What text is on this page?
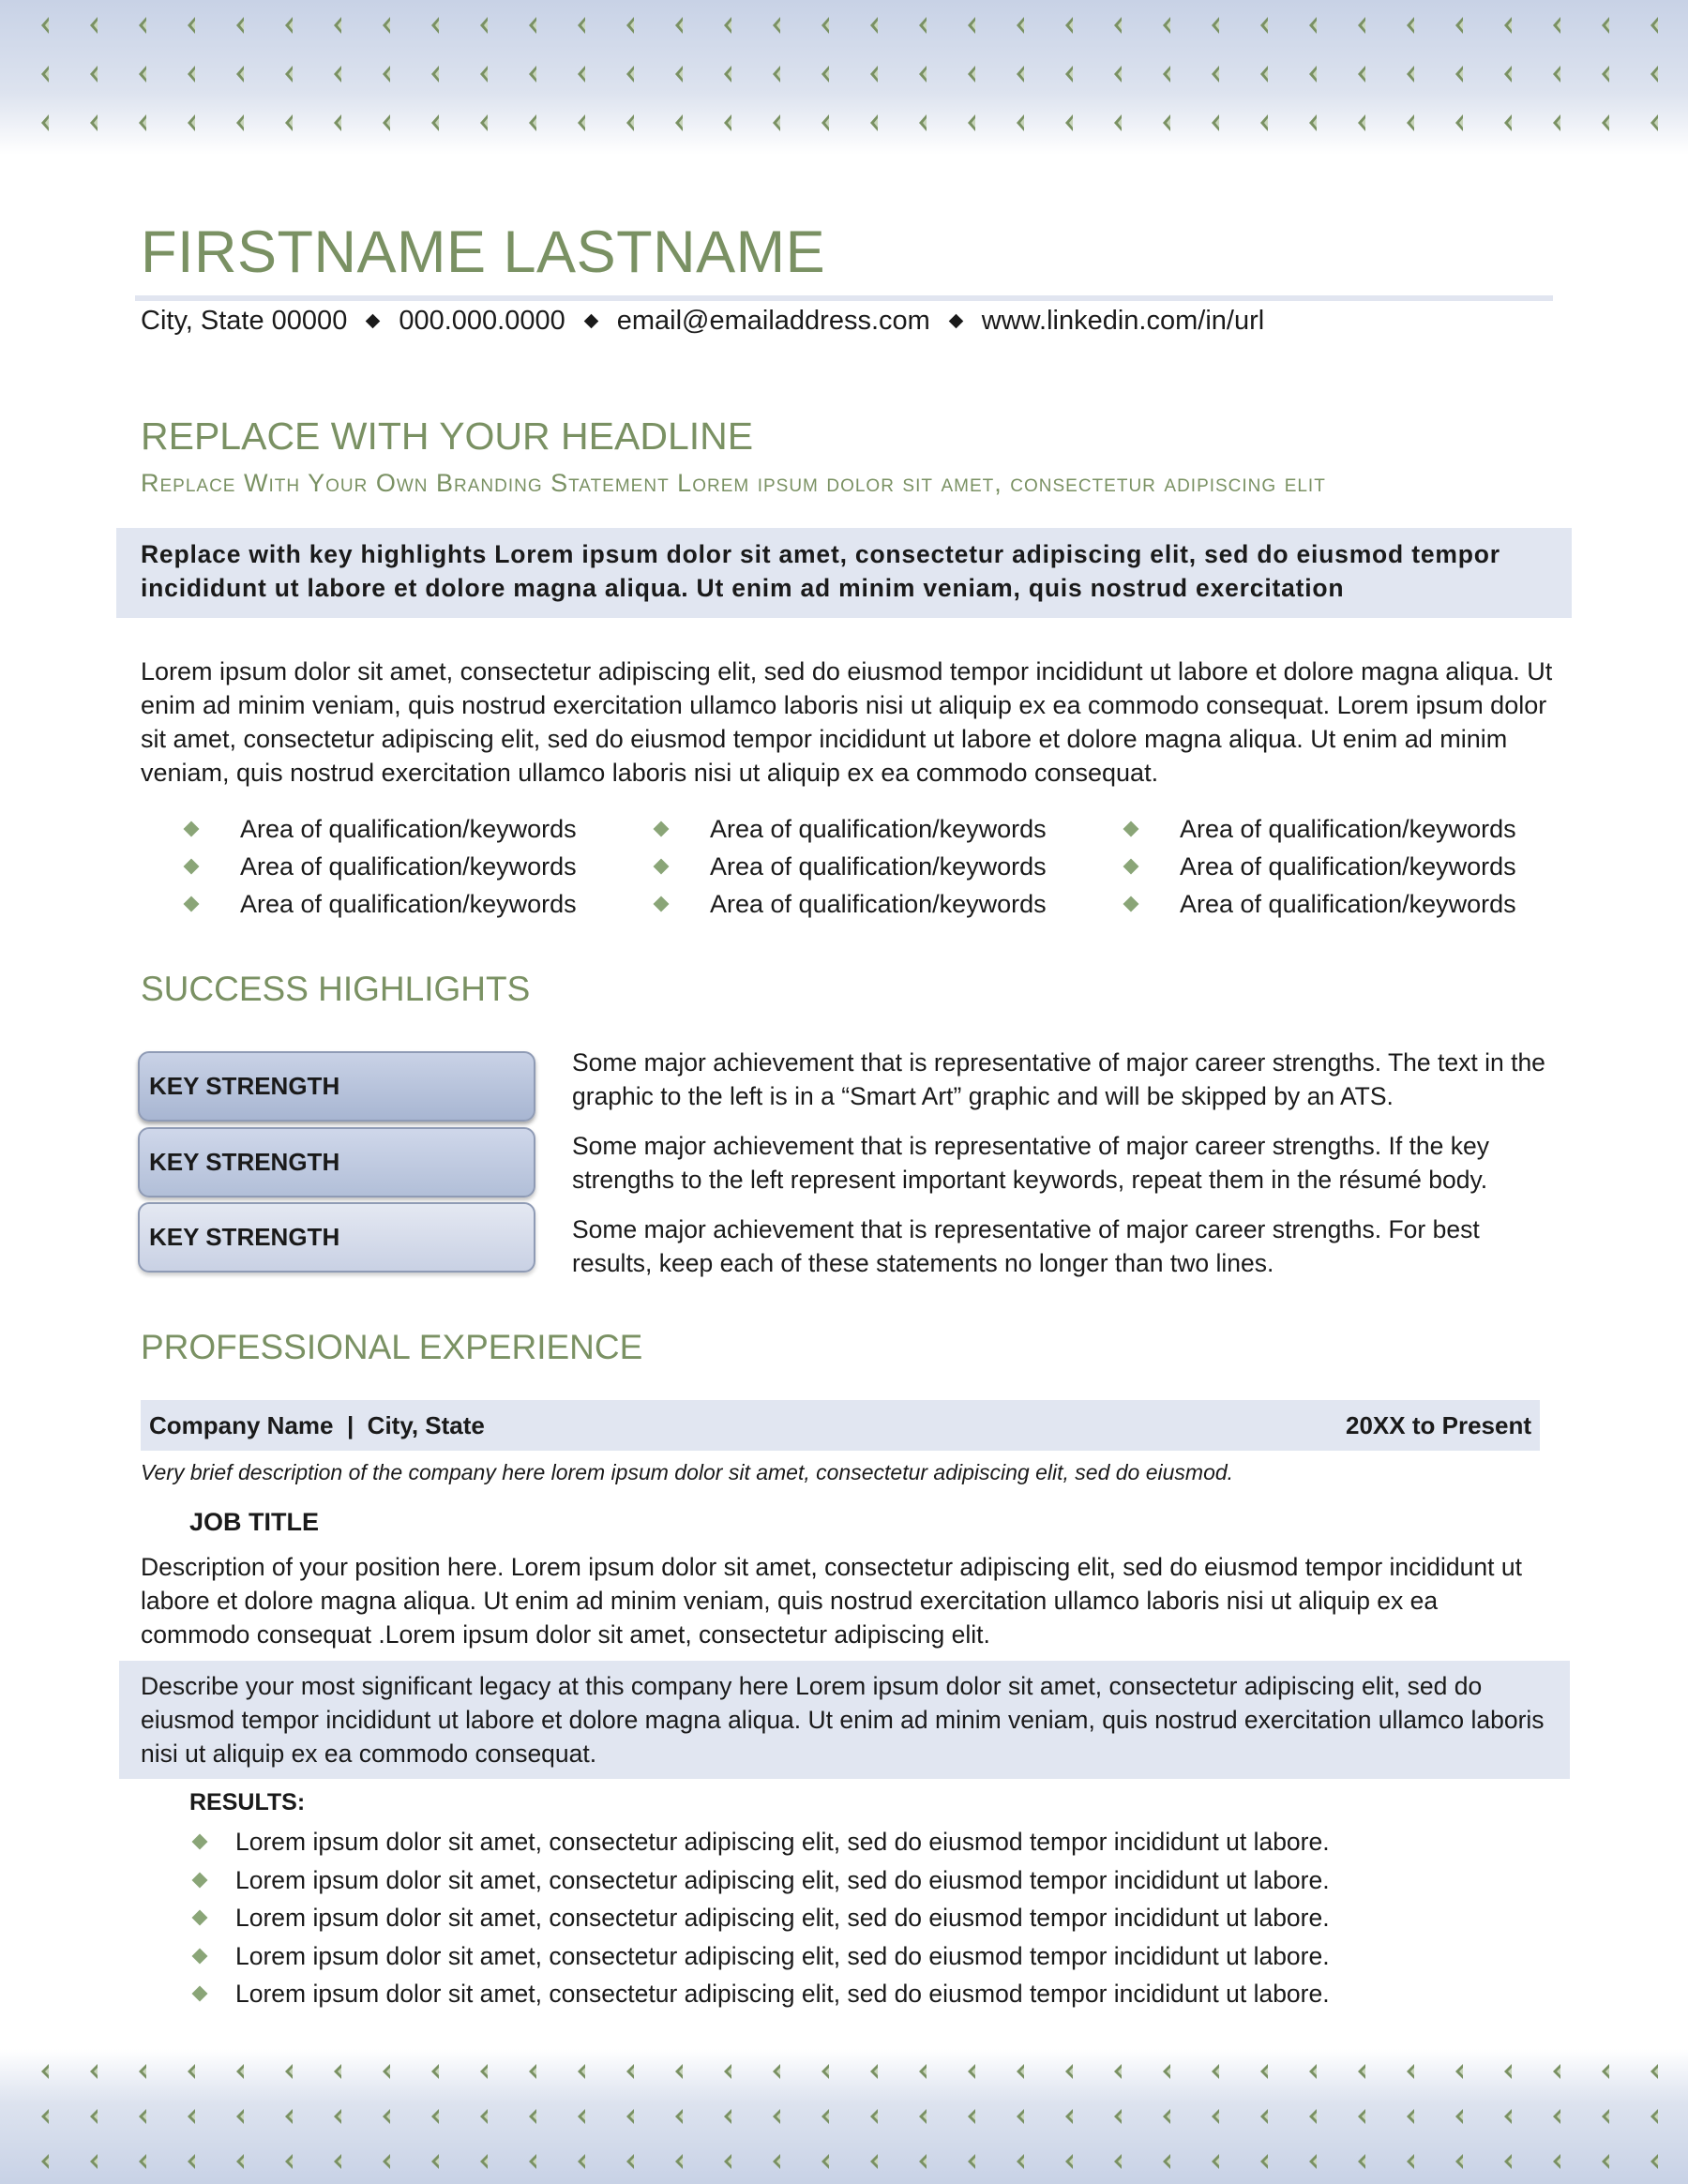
FIRSTNAME LASTNAME
City, State 00000 000.000.0000 email@emailaddress.com www.linkedin.com/in/url
REPLACE WITH YOUR HEADLINE
Replace With Your Own Branding Statement Lorem ipsum dolor sit amet, consectetur adipiscing elit
Replace with key highlights Lorem ipsum dolor sit amet, consectetur adipiscing elit, sed do eiusmod tempor incididunt ut labore et dolore magna aliqua. Ut enim ad minim veniam, quis nostrud exercitation
Lorem ipsum dolor sit amet, consectetur adipiscing elit, sed do eiusmod tempor incididunt ut labore et dolore magna aliqua. Ut enim ad minim veniam, quis nostrud exercitation ullamco laboris nisi ut aliquip ex ea commodo consequat. Lorem ipsum dolor sit amet, consectetur adipiscing elit, sed do eiusmod tempor incididunt ut labore et dolore magna aliqua. Ut enim ad minim veniam, quis nostrud exercitation ullamco laboris nisi ut aliquip ex ea commodo consequat.
Area of qualification/keywords
Area of qualification/keywords
Area of qualification/keywords
Area of qualification/keywords
Area of qualification/keywords
Area of qualification/keywords
Area of qualification/keywords
Area of qualification/keywords
Area of qualification/keywords
SUCCESS HIGHLIGHTS
KEY STRENGTH
KEY STRENGTH
KEY STRENGTH
Some major achievement that is representative of major career strengths. The text in the graphic to the left is in a “Smart Art” graphic and will be skipped by an ATS.
Some major achievement that is representative of major career strengths. If the key strengths to the left represent important keywords, repeat them in the résumé body.
Some major achievement that is representative of major career strengths. For best results, keep each of these statements no longer than two lines.
PROFESSIONAL EXPERIENCE
Company Name  |  City, State	20XX to Present
Very brief description of the company here lorem ipsum dolor sit amet, consectetur adipiscing elit, sed do eiusmod.
JOB TITLE
Description of your position here. Lorem ipsum dolor sit amet, consectetur adipiscing elit, sed do eiusmod tempor incididunt ut labore et dolore magna aliqua. Ut enim ad minim veniam, quis nostrud exercitation ullamco laboris nisi ut aliquip ex ea commodo consequat .Lorem ipsum dolor sit amet, consectetur adipiscing elit.
Describe your most significant legacy at this company here Lorem ipsum dolor sit amet, consectetur adipiscing elit, sed do eiusmod tempor incididunt ut labore et dolore magna aliqua. Ut enim ad minim veniam, quis nostrud exercitation ullamco laboris nisi ut aliquip ex ea commodo consequat.
RESULTS:
Lorem ipsum dolor sit amet, consectetur adipiscing elit, sed do eiusmod tempor incididunt ut labore.
Lorem ipsum dolor sit amet, consectetur adipiscing elit, sed do eiusmod tempor incididunt ut labore.
Lorem ipsum dolor sit amet, consectetur adipiscing elit, sed do eiusmod tempor incididunt ut labore.
Lorem ipsum dolor sit amet, consectetur adipiscing elit, sed do eiusmod tempor incididunt ut labore.
Lorem ipsum dolor sit amet, consectetur adipiscing elit, sed do eiusmod tempor incididunt ut labore.
